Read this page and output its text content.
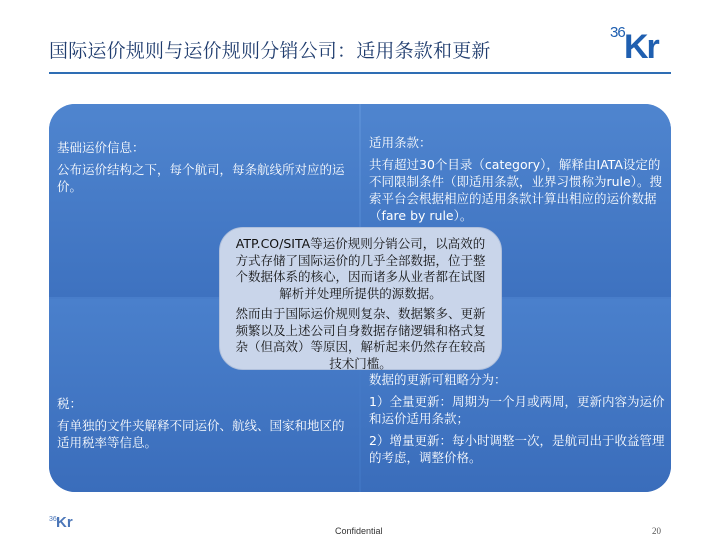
国际运价规则与运价规则分销公司：适用条款和更新
36 Kr

基础运价信息：

公布运价结构之下，每个航司，每条航线所对应的运价。

适用条款：

共有超过30个目录（category），解释由IATA设定的不同限制条件（即适用条款，业界习惯称为rule）。搜索平台会根据相应的适用条款计算出相应的运价数据（fare by rule）。

税：

有单独的文件夹解释不同运价、航线、国家和地区的适用税率等信息。

数据的更新可粗略分为：

1）全量更新：周期为一个月或两周，更新内容为运价和运价适用条款；

2）增量更新：每小时调整一次，是航司出于收益管理的考虑，调整价格。

ATP.CO/SITA等运价规则分销公司，以高效的方式存储了国际运价的几乎全部数据，位于整个数据体系的核心，因而诸多从业者都在试图解析并处理所提供的源数据。

然而由于国际运价规则复杂、数据繁多、更新频繁以及上述公司自身数据存储逻辑和格式复杂（但高效）等原因，解析起来仍然存在较高技术门槛。

36 Kr	Confidential	20
